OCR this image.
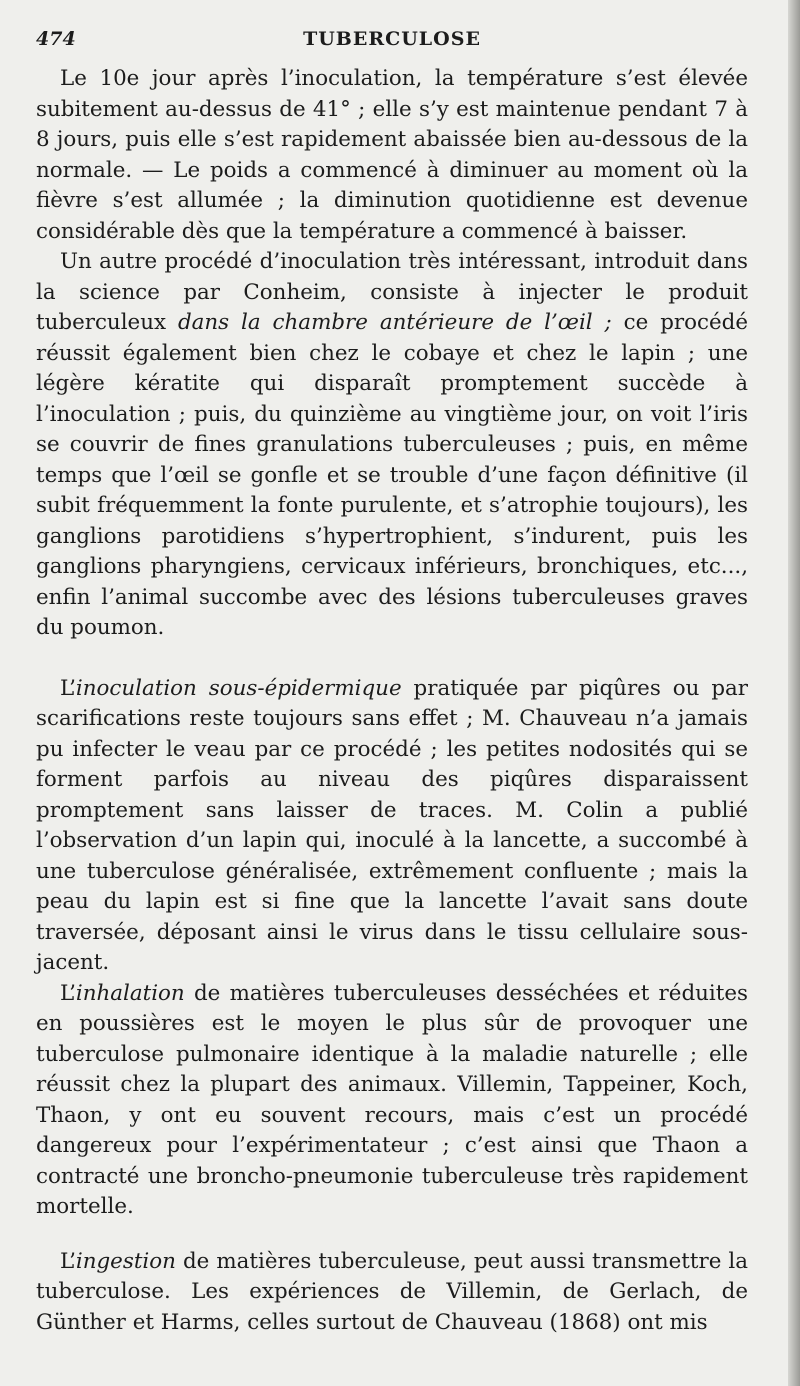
474	TUBERCULOSE

Le 10e jour après l’inoculation, la température s’est élevée subitement au-dessus de 41° ; elle s’y est maintenue pendant 7 à 8 jours, puis elle s’est rapidement abaissée bien au-dessous de la normale. — Le poids a commencé à diminuer au moment où la fièvre s’est allumée ; la diminution quotidienne est devenue considérable dès que la température a commencé à baisser.

Un autre procédé d’inoculation très intéressant, introduit dans la science par Conheim, consiste à injecter le produit tuberculeux dans la chambre antérieure de l’œil ; ce procédé réussit également bien chez le cobaye et chez le lapin ; une légère kératite qui disparaît promptement succède à l’inoculation ; puis, du quinzième au vingtième jour, on voit l’iris se couvrir de fines granulations tuberculeuses ; puis, en même temps que l’œil se gonfle et se trouble d’une façon définitive (il subit fréquemment la fonte purulente, et s’atrophie toujours), les ganglions parotidiens s’hypertrophient, s’indurent, puis les ganglions pharyngiens, cervicaux inférieurs, bronchiques, etc..., enfin l’animal succombe avec des lésions tuberculeuses graves du poumon.

L’inoculation sous-épidermique pratiquée par piqûres ou par scarifications reste toujours sans effet ; M. Chauveau n’a jamais pu infecter le veau par ce procédé ; les petites nodosités qui se forment parfois au niveau des piqûres disparaissent promptement sans laisser de traces. M. Colin a publié l’observation d’un lapin qui, inoculé à la lancette, a succombé à une tuberculose généralisée, extrêmement confluente ; mais la peau du lapin est si fine que la lancette l’avait sans doute traversée, déposant ainsi le virus dans le tissu cellulaire sous-jacent.

L’inhalation de matières tuberculeuses desséchées et réduites en poussières est le moyen le plus sûr de provoquer une tuberculose pulmonaire identique à la maladie naturelle ; elle réussit chez la plupart des animaux. Villemin, Tappeiner, Koch, Thaon, y ont eu souvent recours, mais c’est un procédé dangereux pour l’expérimentateur ; c’est ainsi que Thaon a contracté une broncho-pneumonie tuberculeuse très rapidement mortelle.

L’ingestion de matières tuberculeuse, peut aussi transmettre la tuberculose. Les expériences de Villemin, de Gerlach, de Günther et Harms, celles surtout de Chauveau (1868) ont mis
